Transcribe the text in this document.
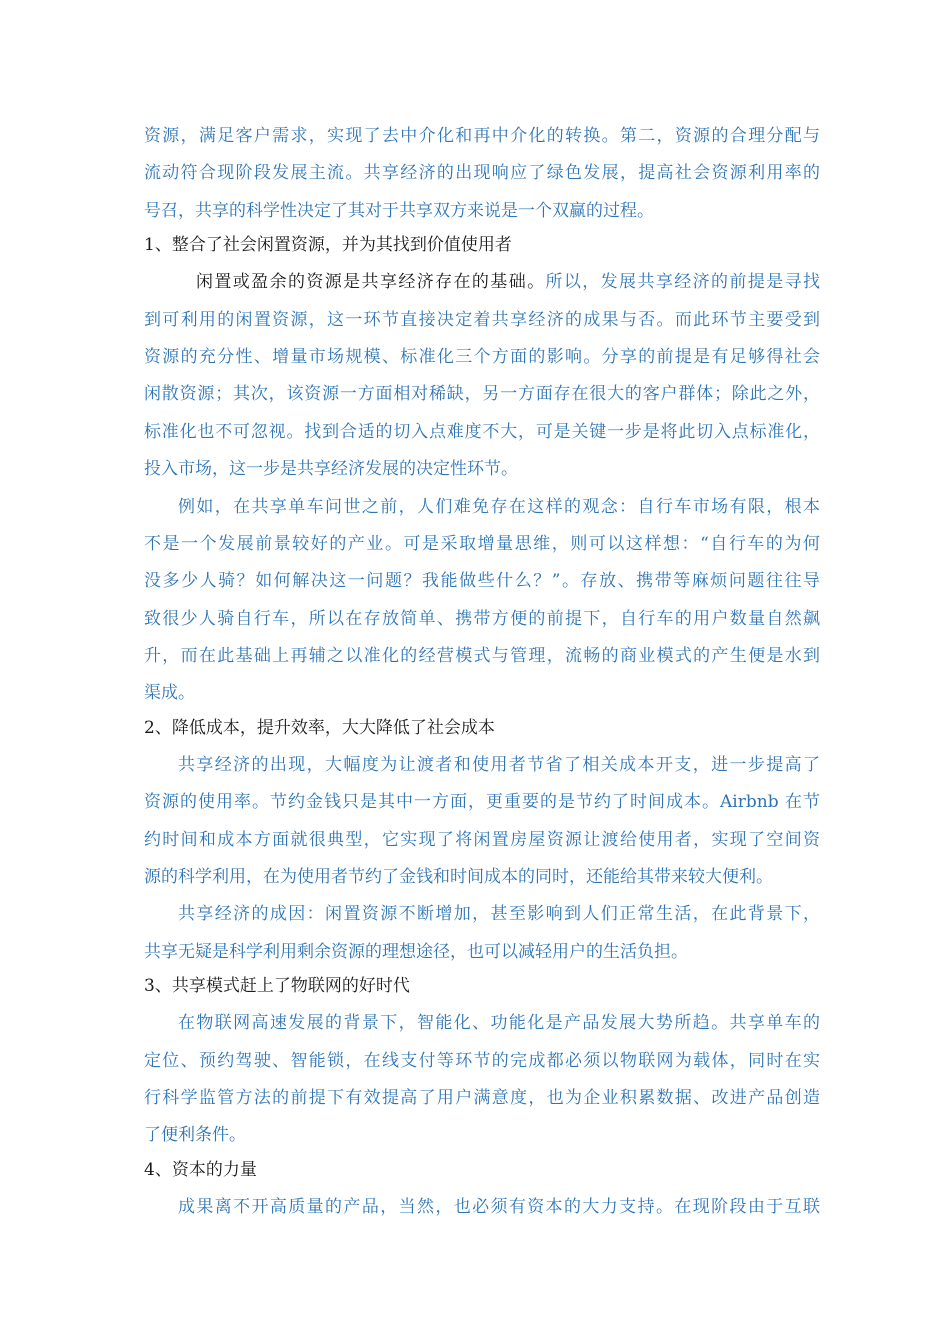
资源，满足客户需求，实现了去中介化和再中介化的转换。第二，资源的合理分配与
流动符合现阶段发展主流。共享经济的出现响应了绿色发展，提高社会资源利用率的
号召，共享的科学性决定了其对于共享双方来说是一个双赢的过程。
1、整合了社会闲置资源，并为其找到价值使用者
闲置或盈余的资源是共享经济存在的基础。所以，发展共享经济的前提是寻找
到可利用的闲置资源，这一环节直接决定着共享经济的成果与否。而此环节主要受到
资源的充分性、增量市场规模、标准化三个方面的影响。分享的前提是有足够得社会
闲散资源；其次，该资源一方面相对稀缺，另一方面存在很大的客户群体；除此之外，
标准化也不可忽视。找到合适的切入点难度不大，可是关键一步是将此切入点标准化，
投入市场，这一步是共享经济发展的决定性环节。
例如，在共享单车问世之前，人们难免存在这样的观念：自行车市场有限，根本
不是一个发展前景较好的产业。可是采取增量思维，则可以这样想：“自行车的为何
没多少人骑？如何解决这一问题？我能做些什么？”。存放、携带等麻烦问题往往导
致很少人骑自行车，所以在存放简单、携带方便的前提下，自行车的用户数量自然飙
升，而在此基础上再辅之以准化的经营模式与管理，流畅的商业模式的产生便是水到
渠成。
2、降低成本，提升效率，大大降低了社会成本
共享经济的出现，大幅度为让渡者和使用者节省了相关成本开支，进一步提高了
资源的使用率。节约金钱只是其中一方面，更重要的是节约了时间成本。Airbnb 在节
约时间和成本方面就很典型，它实现了将闲置房屋资源让渡给使用者，实现了空间资
源的科学利用，在为使用者节约了金钱和时间成本的同时，还能给其带来较大便利。
共享经济的成因：闲置资源不断增加，甚至影响到人们正常生活，在此背景下，
共享无疑是科学利用剩余资源的理想途径，也可以减轻用户的生活负担。
3、共享模式赶上了物联网的好时代
在物联网高速发展的背景下，智能化、功能化是产品发展大势所趋。共享单车的
定位、预约驾驶、智能锁，在线支付等环节的完成都必须以物联网为载体，同时在实
行科学监管方法的前提下有效提高了用户满意度，也为企业积累数据、改进产品创造
了便利条件。
4、资本的力量
成果离不开高质量的产品，当然，也必须有资本的大力支持。在现阶段由于互联
